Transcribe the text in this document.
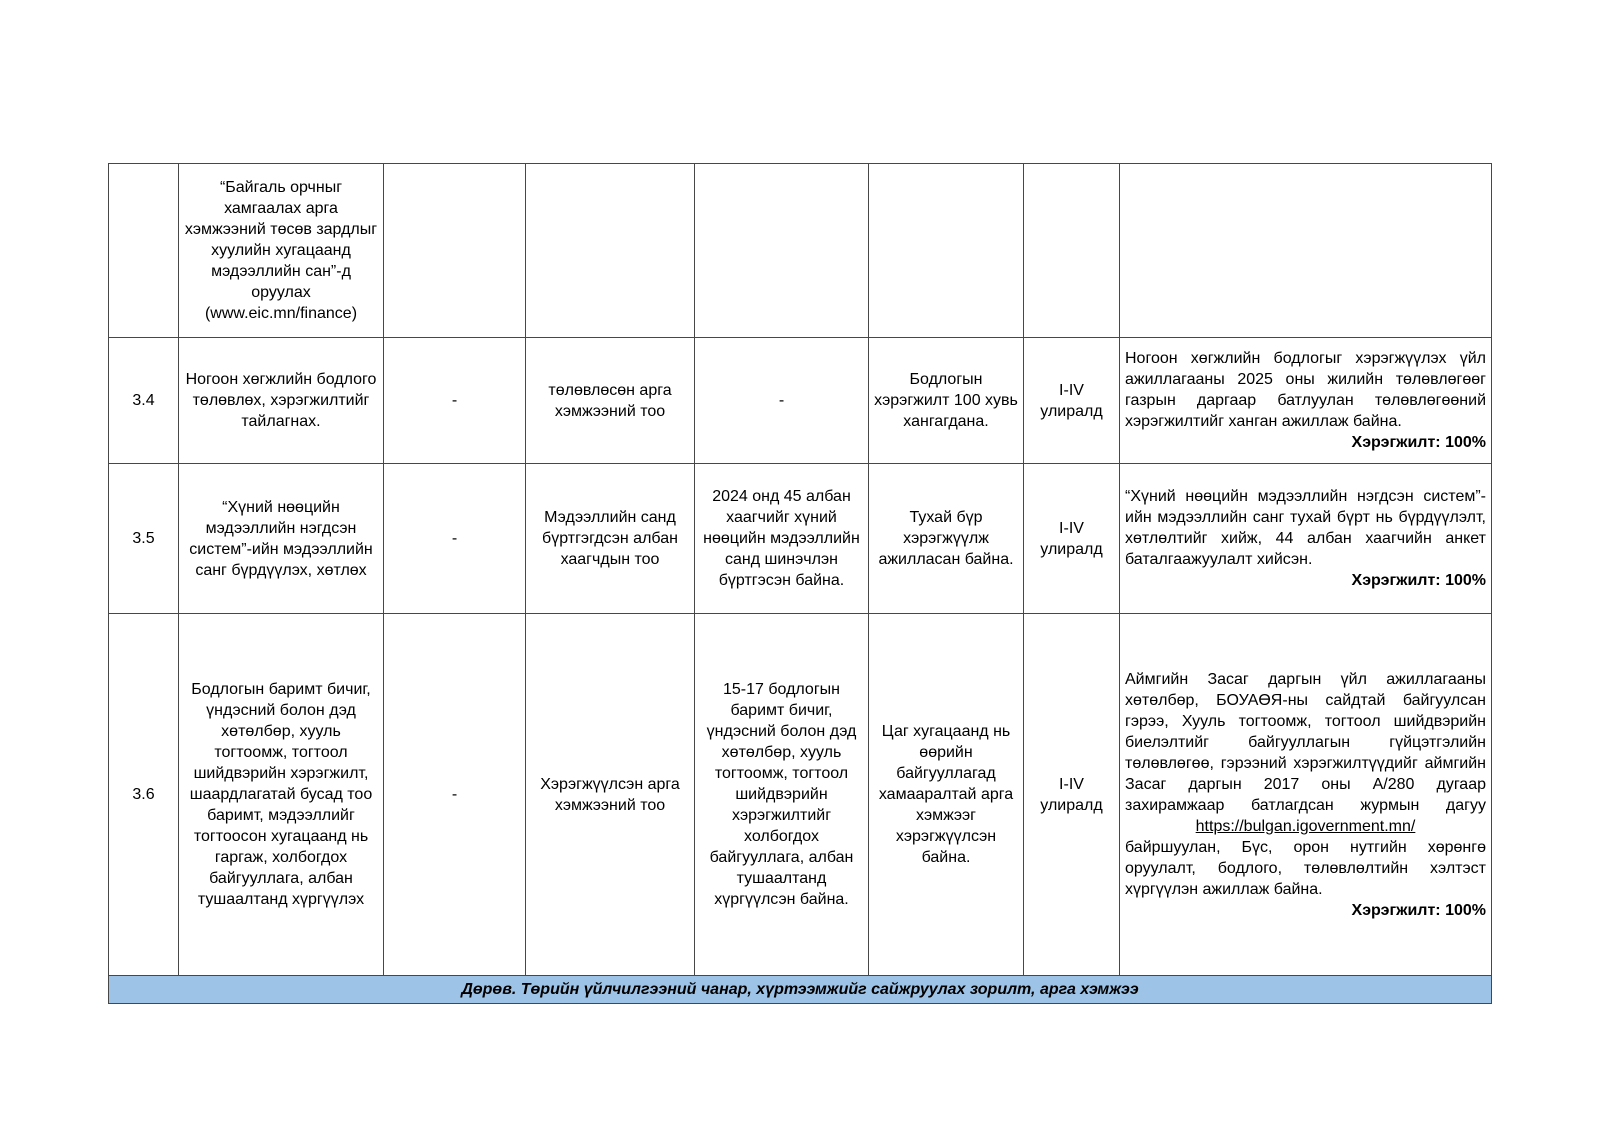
	“Байгаль орчныг хамгаалах арга хэмжээний төсөв зардлыг хуулийн хугацаанд мэдээллийн сан”-д оруулах (www.eic.mn/finance)						
3.4	Ногоон хөгжлийн бодлого төлөвлөх, хэрэгжилтийг тайлагнах.	-	төлөвлөсөн арга хэмжээний тоо	-	Бодлогын хэрэгжилт 100 хувь хангагдана.	I-IV улиралд	Ногоон хөгжлийн бодлогыг хэрэгжүүлэх үйл ажиллагааны 2025 оны жилийн төлөвлөгөөг газрын даргаар батлуулан төлөвлөгөөний хэрэгжилтийг ханган ажиллаж байна.
Хэрэгжилт: 100%

3.5	“Хүний нөөцийн мэдээллийн нэгдсэн систем”-ийн мэдээллийн санг бүрдүүлэх, хөтлөх	-	Мэдээллийн санд бүртгэгдсэн албан хаагчдын тоо	2024 онд 45 албан хаагчийг хүний нөөцийн мэдээллийн санд шинэчлэн бүртгэсэн байна.	Тухай бүр хэрэгжүүлж ажилласан байна.	I-IV улиралд	“Хүний нөөцийн мэдээллийн нэгдсэн систем”-ийн мэдээллийн санг тухай бүрт нь бүрдүүлэлт, хөтлөлтийг хийж, 44 албан хаагчийн анкет баталгаажуулалт хийсэн.
Хэрэгжилт: 100%

3.6	Бодлогын баримт бичиг, үндэсний болон дэд хөтөлбөр, хууль тогтоомж, тогтоол шийдвэрийн хэрэгжилт, шаардлагатай бусад тоо баримт, мэдээллийг тогтоосон хугацаанд нь гаргаж, холбогдох байгууллага, албан тушаалтанд хүргүүлэх	-	Хэрэгжүүлсэн арга хэмжээний тоо	15-17 бодлогын баримт бичиг, үндэсний болон дэд хөтөлбөр, хууль тогтоомж, тогтоол шийдвэрийн хэрэгжилтийг холбогдох байгууллага, албан тушаалтанд хүргүүлсэн байна.	Цаг хугацаанд нь өөрийн байгууллагад хамааралтай арга хэмжээг хэрэгжүүлсэн байна.	I-IV улиралд	
Аймгийн Засаг даргын үйл ажиллагааны хөтөлбөр, БОУАӨЯ-ны сайдтай байгуулсан гэрээ, Хууль тогтоомж, тогтоол шийдвэрийн биелэлтийг байгууллагын гүйцэтгэлийн төлөвлөгөө, гэрээний хэрэгжилтүүдийг аймгийн Засаг даргын 2017 оны А/280 дугаар захирамжаар батлагдсан журмын дагуу
https://bulgan.igovernment.mn/
байршуулан, Бүс, орон нутгийн хөрөнгө оруулалт, бодлого, төлөвлөлтийн хэлтэст хүргүүлэн ажиллаж байна.
Хэрэгжилт: 100%

Дөрөв. Төрийн үйлчилгээний чанар, хүртээмжийг сайжруулах зорилт, арга хэмжээ							
